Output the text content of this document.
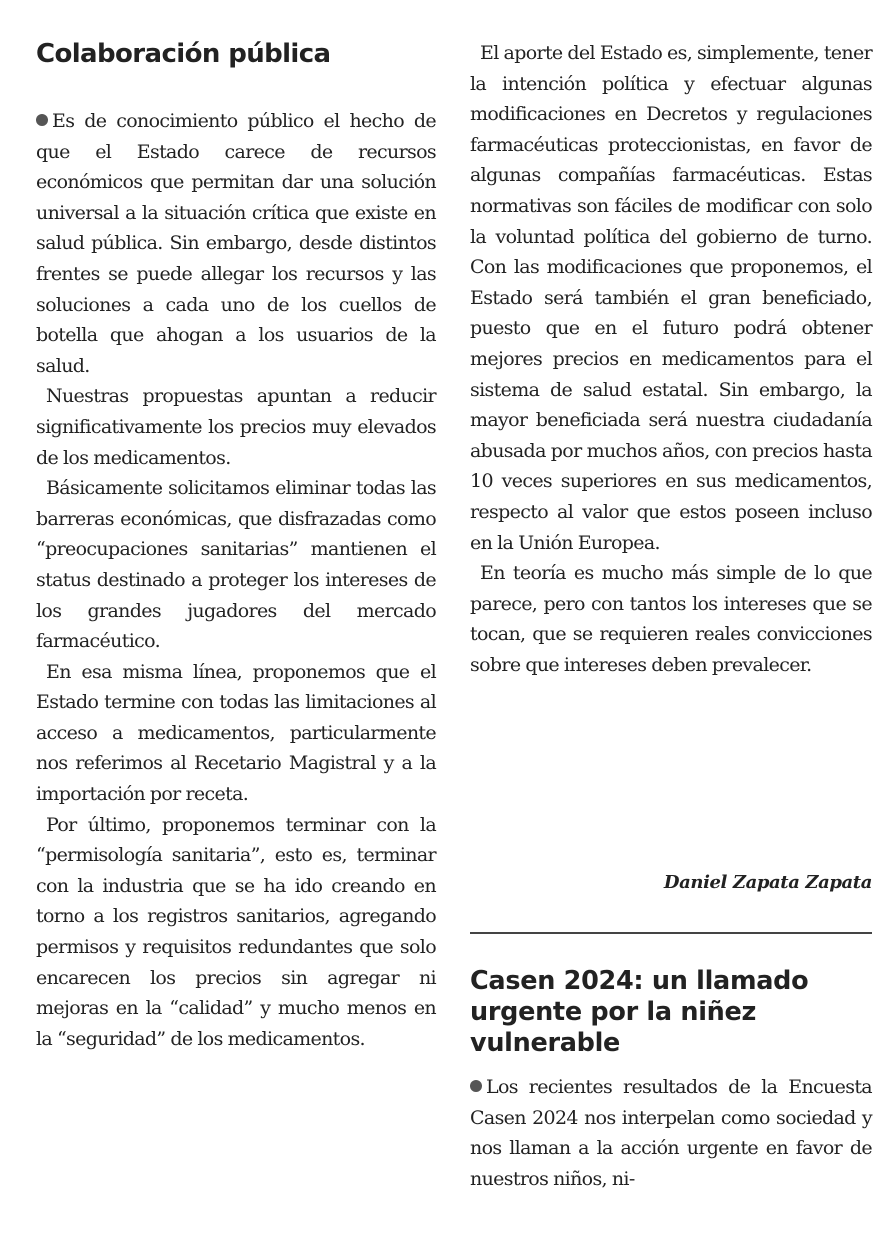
Colaboración pública

Es de conocimiento público el hecho de que el Estado carece de recursos económicos que permitan dar una solución universal a la situación crítica que existe en salud pública. Sin embargo, desde distintos frentes se puede allegar los recursos y las soluciones a cada uno de los cuellos de botella que ahogan a los usuarios de la salud.

Nuestras propuestas apuntan a reducir significativamente los precios muy elevados de los medicamentos.

Básicamente solicitamos eliminar todas las barreras económicas, que disfrazadas como “preocupaciones sanitarias” mantienen el status destinado a proteger los intereses de los grandes jugadores del mercado farmacéutico.

En esa misma línea, proponemos que el Estado termine con todas las limitaciones al acceso a medicamentos, particularmente nos referimos al Recetario Magistral y a la importación por receta.

Por último, proponemos terminar con la “permisología sanitaria”, esto es, terminar con la industria que se ha ido creando en torno a los registros sanitarios, agregando permisos y requisitos redundantes que solo encarecen los precios sin agregar ni mejoras en la “calidad” y mucho menos en la “seguridad” de los medicamentos.

El aporte del Estado es, simplemente, tener la intención política y efectuar algunas modificaciones en Decretos y regulaciones farmacéuticas proteccionistas, en favor de algunas compañías farmacéuticas. Estas normativas son fáciles de modificar con solo la voluntad política del gobierno de turno. Con las modificaciones que proponemos, el Estado será también el gran beneficiado, puesto que en el futuro podrá obtener mejores precios en medicamentos para el sistema de salud estatal. Sin embargo, la mayor beneficiada será nuestra ciudadanía abusada por muchos años, con precios hasta 10 veces superiores en sus medicamentos, respecto al valor que estos poseen incluso en la Unión Europea.

En teoría es mucho más simple de lo que parece, pero con tantos los intereses que se tocan, que se requieren reales convicciones sobre que intereses deben prevalecer.

Daniel Zapata Zapata
Casen 2024: un llamado urgente por la niñez vulnerable

Los recientes resultados de la Encuesta Casen 2024 nos interpelan como sociedad y nos llaman a la acción urgente en favor de nuestros niños, ni-
